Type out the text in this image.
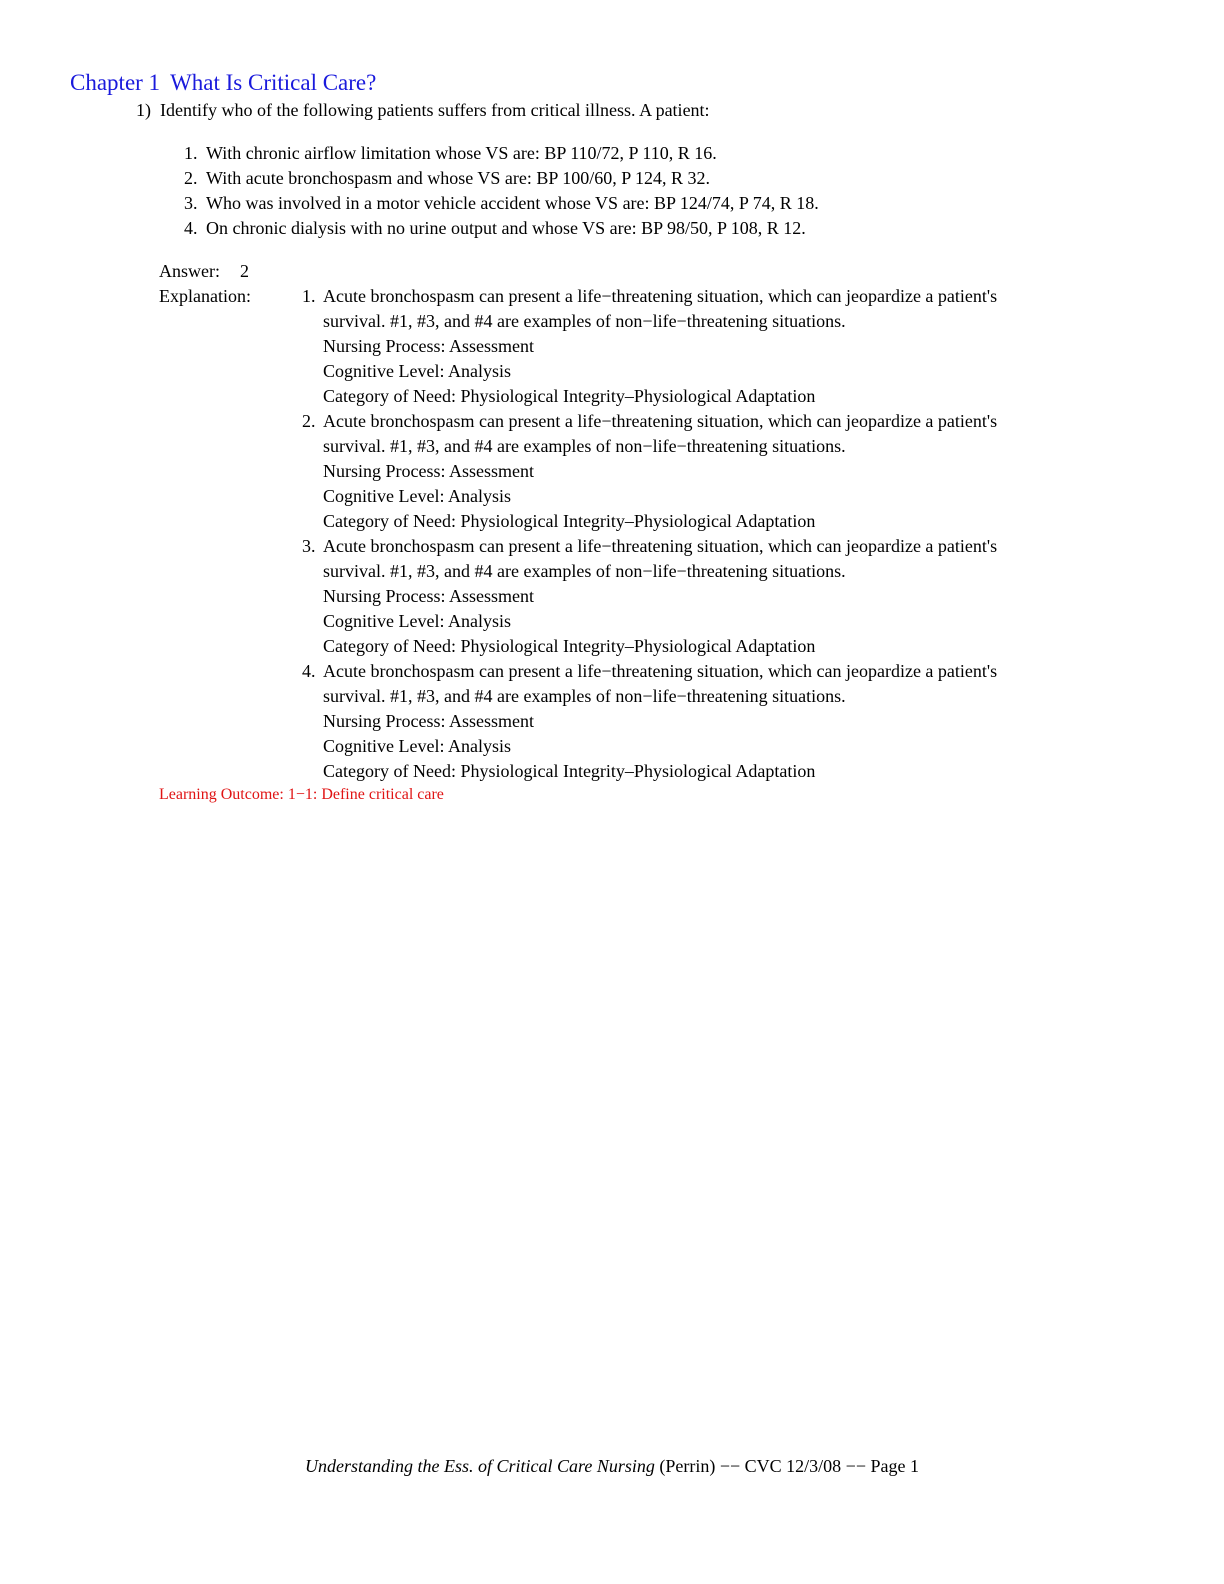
Chapter 1 What Is Critical Care?
1) Identify who of the following patients suffers from critical illness. A patient:
1. With chronic airflow limitation whose VS are: BP 110/72, P 110, R 16.
2. With acute bronchospasm and whose VS are: BP 100/60, P 124, R 32.
3. Who was involved in a motor vehicle accident whose VS are: BP 124/74, P 74, R 18.
4. On chronic dialysis with no urine output and whose VS are: BP 98/50, P 108, R 12.
Answer:	2
Explanation:	1. Acute bronchospasm can present a life−threatening situation, which can jeopardize a patient's
survival. #1, #3, and #4 are examples of non−life−threatening situations.
Nursing Process: Assessment
Cognitive Level: Analysis
Category of Need: Physiological Integrity–Physiological Adaptation
2. Acute bronchospasm can present a life−threatening situation, which can jeopardize a patient's
survival. #1, #3, and #4 are examples of non−life−threatening situations.
Nursing Process: Assessment
Cognitive Level: Analysis
Category of Need: Physiological Integrity–Physiological Adaptation
3. Acute bronchospasm can present a life−threatening situation, which can jeopardize a patient's
survival. #1, #3, and #4 are examples of non−life−threatening situations.
Nursing Process: Assessment
Cognitive Level: Analysis
Category of Need: Physiological Integrity–Physiological Adaptation
4. Acute bronchospasm can present a life−threatening situation, which can jeopardize a patient's
survival. #1, #3, and #4 are examples of non−life−threatening situations.
Nursing Process: Assessment
Cognitive Level: Analysis
Category of Need: Physiological Integrity–Physiological Adaptation
Learning Outcome: 1−1: Define critical care
Understanding the Ess. of Critical Care Nursing (Perrin) −− CVC 12/3/08 −− Page 1
